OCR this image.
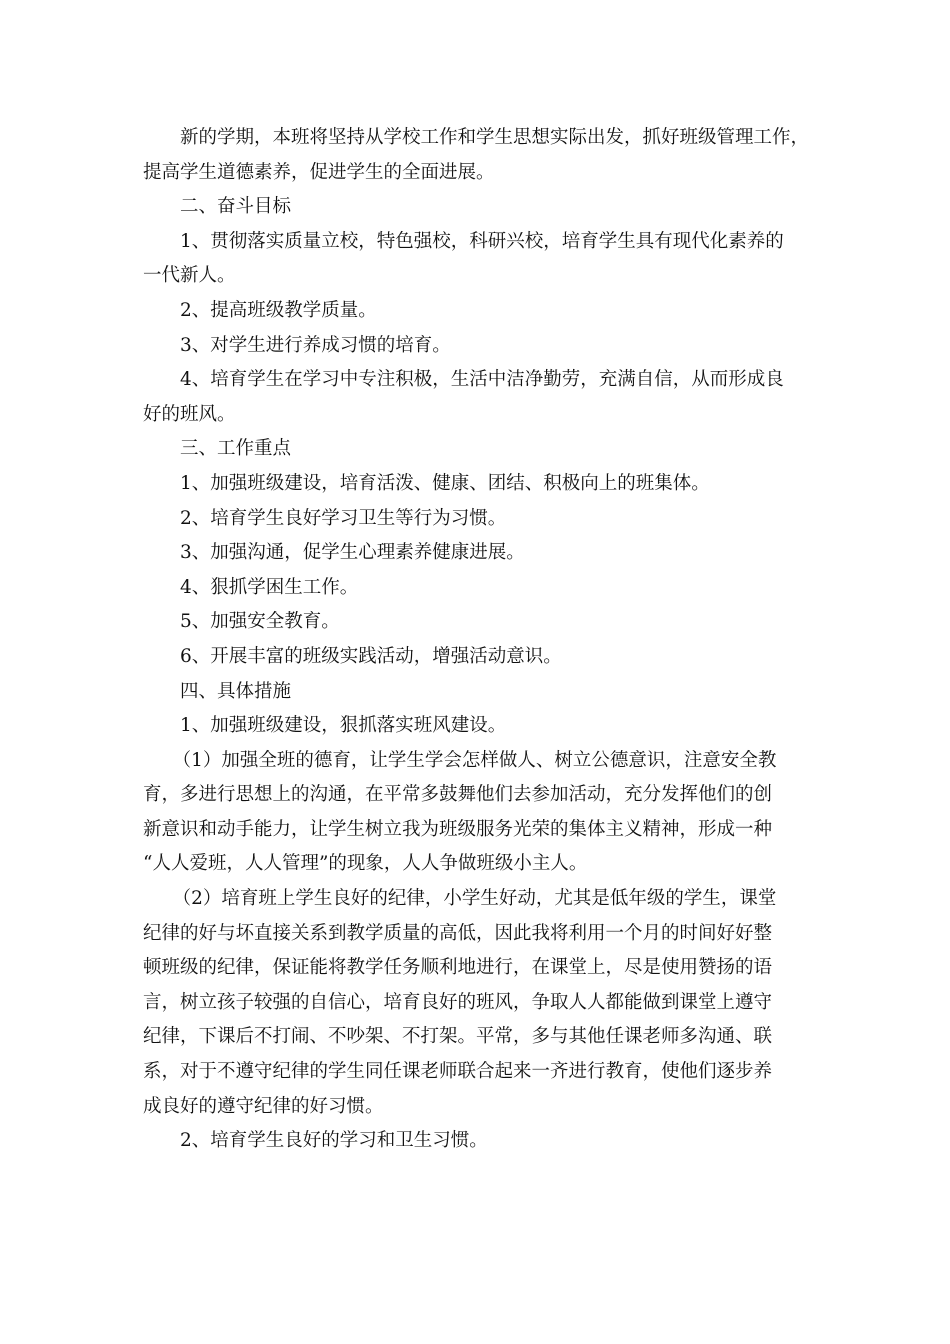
新的学期，本班将坚持从学校工作和学生思想实际出发，抓好班级管理工作，
提高学生道德素养，促进学生的全面进展。
二、奋斗目标
1、贯彻落实质量立校，特色强校，科研兴校，培育学生具有现代化素养的
一代新人。
2、提高班级教学质量。
3、对学生进行养成习惯的培育。
4、培育学生在学习中专注积极，生活中洁净勤劳，充满自信，从而形成良
好的班风。
三、工作重点
1、加强班级建设，培育活泼、健康、团结、积极向上的班集体。
2、培育学生良好学习卫生等行为习惯。
3、加强沟通，促学生心理素养健康进展。
4、狠抓学困生工作。
5、加强安全教育。
6、开展丰富的班级实践活动，增强活动意识。
四、具体措施
1、加强班级建设，狠抓落实班风建设。
（1）加强全班的德育，让学生学会怎样做人、树立公德意识，注意安全教
育，多进行思想上的沟通，在平常多鼓舞他们去参加活动，充分发挥他们的创
新意识和动手能力，让学生树立我为班级服务光荣的集体主义精神，形成一种
“人人爱班，人人管理”的现象，人人争做班级小主人。
（2）培育班上学生良好的纪律，小学生好动，尤其是低年级的学生，课堂
纪律的好与坏直接关系到教学质量的高低，因此我将利用一个月的时间好好整
顿班级的纪律，保证能将教学任务顺利地进行，在课堂上，尽是使用赞扬的语
言，树立孩子较强的自信心，培育良好的班风，争取人人都能做到课堂上遵守
纪律，下课后不打闹、不吵架、不打架。平常，多与其他任课老师多沟通、联
系，对于不遵守纪律的学生同任课老师联合起来一齐进行教育，使他们逐步养
成良好的遵守纪律的好习惯。
2、培育学生良好的学习和卫生习惯。
